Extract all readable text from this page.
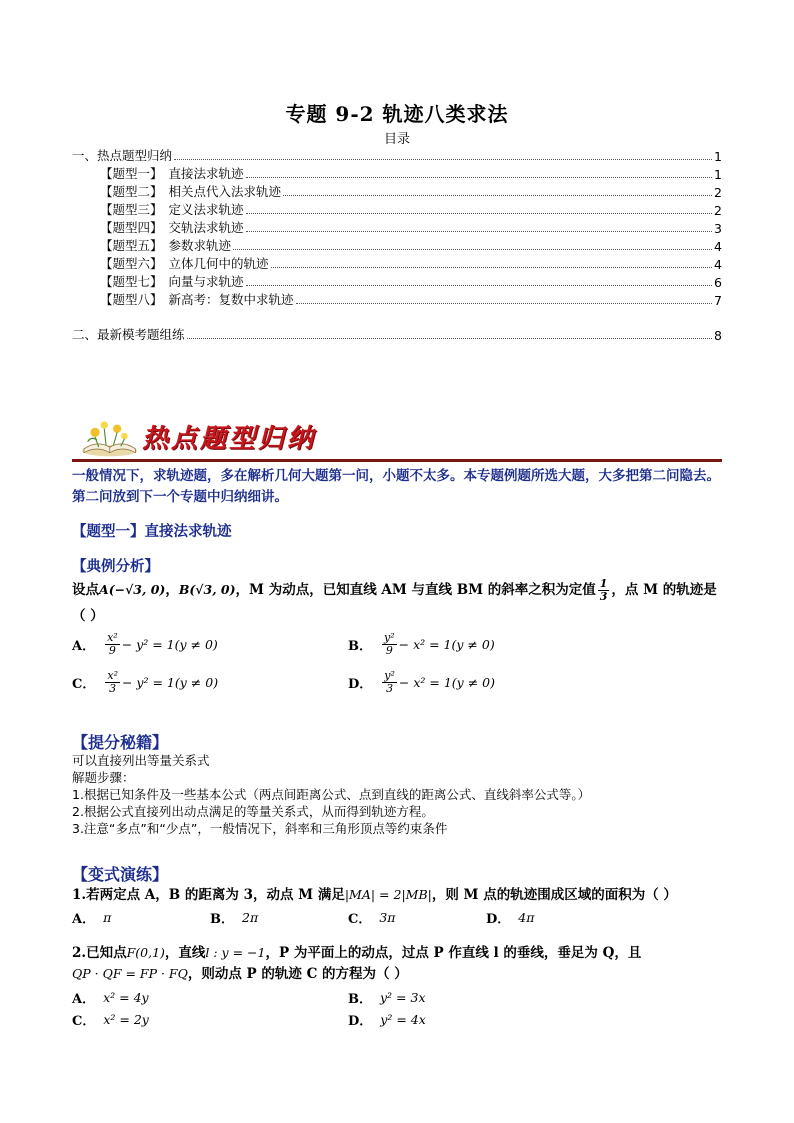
专题 9-2 轨迹八类求法
目录
一、热点题型归纳	1
【题型一】 直接法求轨迹	1
【题型二】 相关点代入法求轨迹	2
【题型三】 定义法求轨迹	2
【题型四】 交轨法求轨迹	3
【题型五】 参数求轨迹	4
【题型六】 立体几何中的轨迹	4
【题型七】 向量与求轨迹	6
【题型八】 新高考：复数中求轨迹	7
二、最新模考题组练	8
热点题型归纳
一般情况下，求轨迹题，多在解析几何大题第一问，小题不太多。本专题例题所选大题，大多把第二问隐去。第二问放到下一个专题中归纳细讲。
【题型一】直接法求轨迹
【典例分析】
设点A(−√3, 0)，B(√3, 0)，M 为动点，已知直线 AM 与直线 BM 的斜率之积为定值 $\frac{1}{3}$ ，点 M 的轨迹是
（ ）
A． $\frac{\text{x²}}{9} - y^2 = 1(y \ne 0)$	B． $\frac{\text{y²}}{9} - x^2 = 1(y \ne 0)$
C． $\frac{\text{x²}}{3} - y^2 = 1(y \ne 0)$	D． $\frac{\text{y²}}{3} - x^2 = 1(y \ne 0)$
【提分秘籍】
可以直接列出等量关系式
解题步骤：
1.根据已知条件及一些基本公式（两点间距离公式、点到直线的距离公式、直线斜率公式等。）
2.根据公式直接列出动点满足的等量关系式，从而得到轨迹方程。
3.注意“多点”和“少点”，一般情况下，斜率和三角形顶点等约束条件
【变式演练】
1.若两定点 A，B 的距离为 3，动点 M 满足|MA| = 2|MB|，则 M 点的轨迹围成区域的面积为（ ）
A． π	B． 2π	C． 3π	D． 4π
2.已知点F(0,1)，直线l : y = −1，P 为平面上的动点，过点 P 作直线 l 的垂线，垂足为 Q，且
QP · QF = FP · FQ，则动点 P 的轨迹 C 的方程为（ ）
A． x² = 4y	B． y² = 3x
C． x² = 2y	D． y² = 4x
